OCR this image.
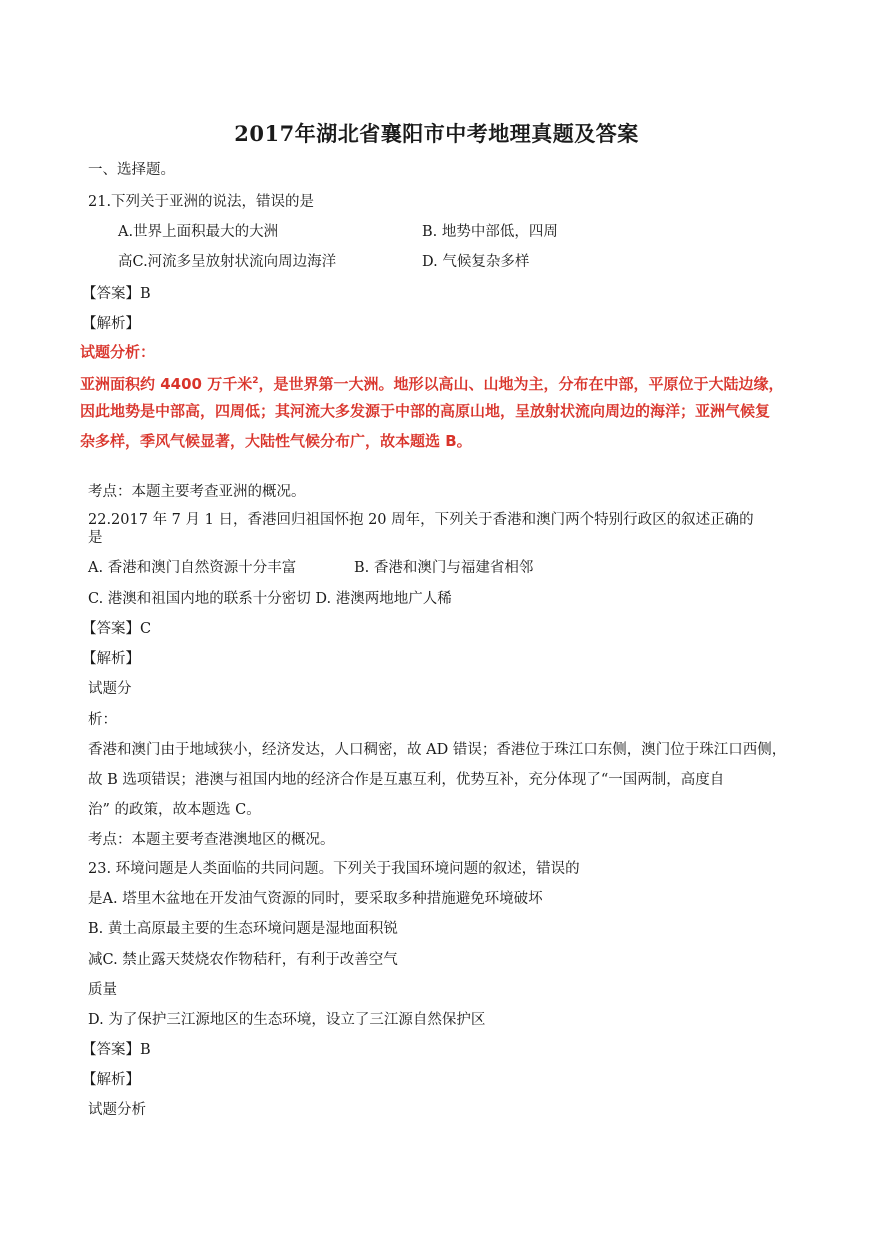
2017年湖北省襄阳市中考地理真题及答案
一、选择题。
21.下列关于亚洲的说法，错误的是
A.世界上面积最大的大洲	B. 地势中部低，四周
高C.河流多呈放射状流向周边海洋	D. 气候复杂多样
【答案】B
【解析】
试题分析：
亚洲面积约 4400 万千米$^2$，是世界第一大洲。地形以高山、山地为主，分布在中部，平原位于大陆边缘，
因此地势是中部高，四周低；其河流大多发源于中部的高原山地，呈放射状流向周边的海洋；亚洲气候复
杂多样，季风气候显著，大陆性气候分布广，故本题选 B。
考点：本题主要考查亚洲的概况。
22.2017 年 7 月 1 日，香港回归祖国怀抱 20 周年，下列关于香港和澳门两个特别行政区的叙述正确的
是
A. 香港和澳门自然资源十分丰富	B. 香港和澳门与福建省相邻
C. 港澳和祖国内地的联系十分密切 D. 港澳两地地广人稀
【答案】C
【解析】
试题分
析：
香港和澳门由于地域狭小，经济发达，人口稠密，故 AD 错误；香港位于珠江口东侧，澳门位于珠江口西侧，
故 B 选项错误；港澳与祖国内地的经济合作是互惠互利，优势互补，充分体现了“一国两制，高度自
治” 的政策，故本题选 C。
考点：本题主要考查港澳地区的概况。
23. 环境问题是人类面临的共同问题。下列关于我国环境问题的叙述，错误的
是A. 塔里木盆地在开发油气资源的同时，要采取多种措施避免环境破坏
B. 黄土高原最主要的生态环境问题是湿地面积锐
减C. 禁止露天焚烧农作物秸秆，有利于改善空气
质量
D. 为了保护三江源地区的生态环境，设立了三江源自然保护区
【答案】B
【解析】
试题分析
